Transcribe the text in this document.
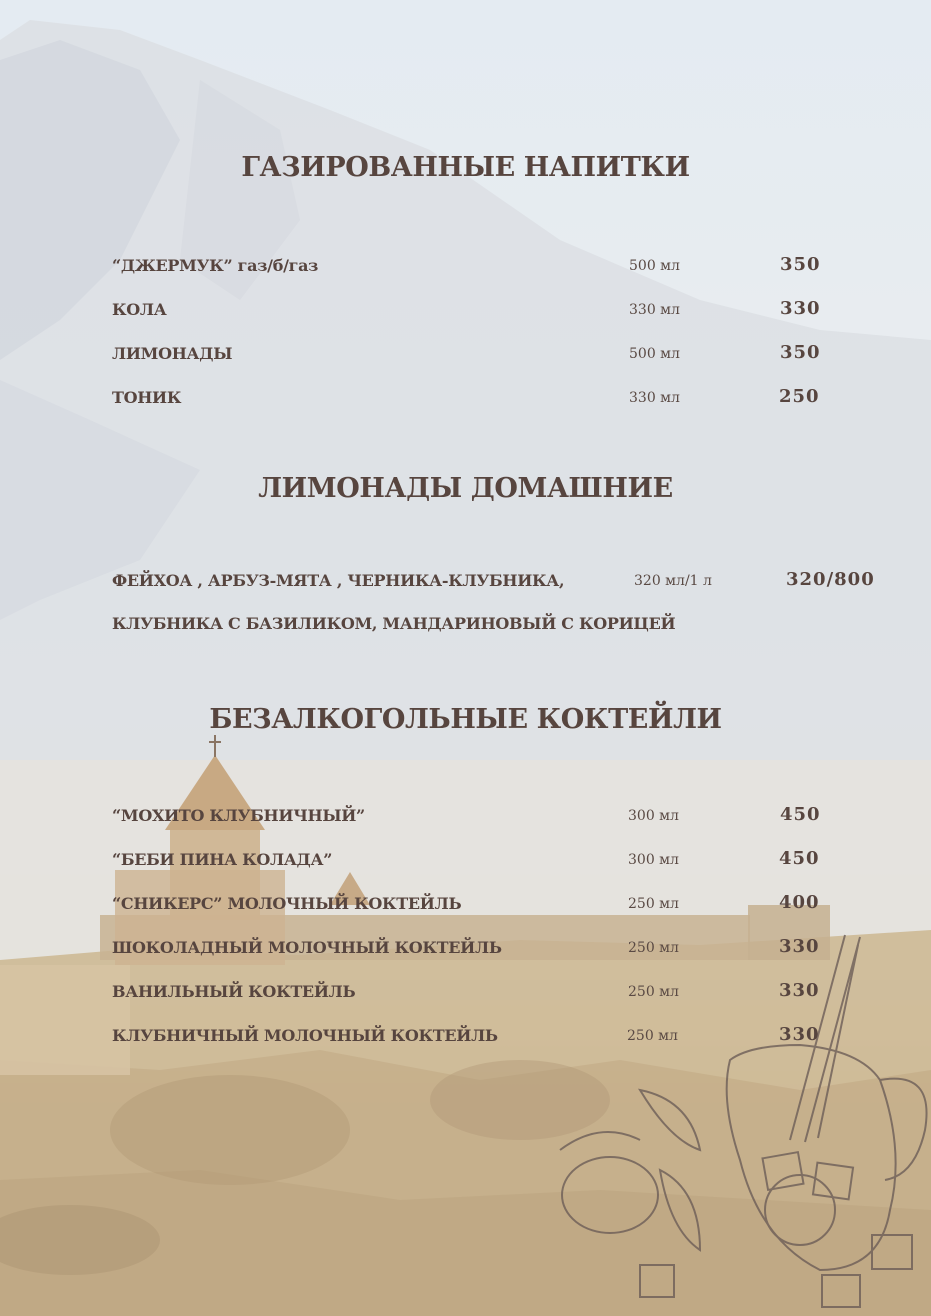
ГАЗИРОВАННЫЕ НАПИТКИ
“ДЖЕРМУК” газ/б/газ	500 мл	350
КОЛА	330 мл	330
ЛИМОНАДЫ	500 мл	350
ТОНИК	330 мл	250
ЛИМОНАДЫ ДОМАШНИЕ
ФЕЙХОА , АРБУЗ-МЯТА , ЧЕРНИКА-КЛУБНИКА,	320 мл/1 л	320/800
КЛУБНИКА С БАЗИЛИКОМ, МАНДАРИНОВЫЙ С КОРИЦЕЙ
БЕЗАЛКОГОЛЬНЫЕ КОКТЕЙЛИ
“МОХИТО КЛУБНИЧНЫЙ”	300 мл	450
“БЕБИ ПИНА КОЛАДА”	300 мл	450
“СНИКЕРС” МОЛОЧНЫЙ КОКТЕЙЛЬ	250 мл	400
ШОКОЛАДНЫЙ МОЛОЧНЫЙ КОКТЕЙЛЬ	250 мл	330
ВАНИЛЬНЫЙ КОКТЕЙЛЬ	250 мл	330
КЛУБНИЧНЫЙ МОЛОЧНЫЙ КОКТЕЙЛЬ	250 мл	330
